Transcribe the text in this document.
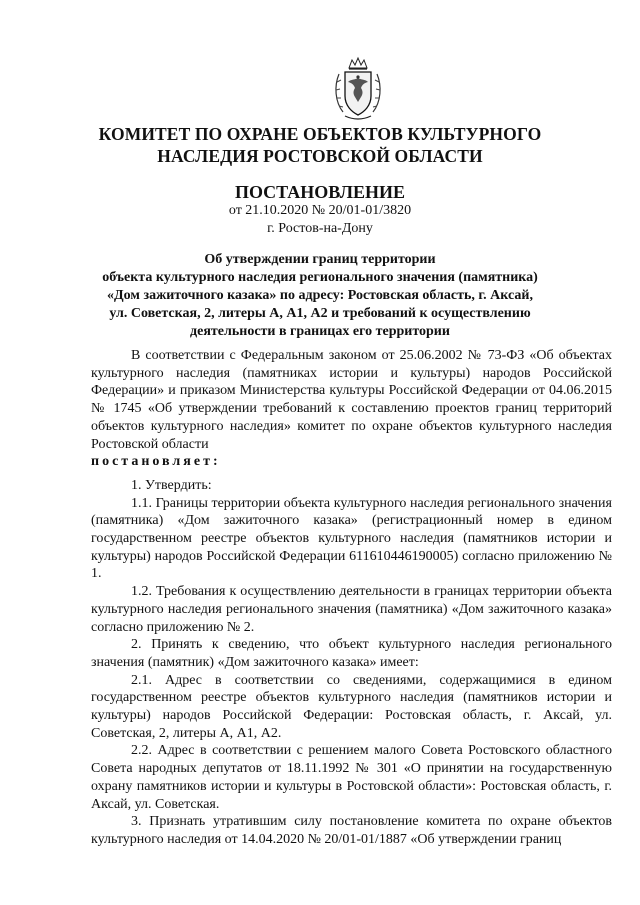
КОМИТЕТ ПО ОХРАНЕ ОБЪЕКТОВ КУЛЬТУРНОГО
НАСЛЕДИЯ РОСТОВСКОЙ ОБЛАСТИ
ПОСТАНОВЛЕНИЕ
от 21.10.2020 № 20/01-01/3820
г. Ростов-на-Дону
Об утверждении границ территории
объекта культурного наследия регионального значения (памятника)
«Дом зажиточного казака» по адресу: Ростовская область, г. Аксай,
ул. Советская, 2, литеры А, А1, А2 и требований к осуществлению
деятельности в границах его территории

В соответствии с Федеральным законом от 25.06.2002 № 73-ФЗ «Об объектах культурного наследия (памятниках истории и культуры) народов Российской Федерации» и приказом Министерства культуры Российской Федерации от 04.06.2015 № 1745 «Об утверждении требований к составлению проектов границ территорий объектов культурного наследия» комитет по охране объектов культурного наследия Ростовской области

постановляет:

1. Утвердить:

1.1. Границы территории объекта культурного наследия регионального значения (памятника) «Дом зажиточного казака» (регистрационный номер в едином государственном реестре объектов культурного наследия (памятников истории и культуры) народов Российской Федерации 611610446190005) согласно приложению № 1.

1.2. Требования к осуществлению деятельности в границах территории объекта культурного наследия регионального значения (памятника) «Дом зажиточного казака» согласно приложению № 2.

2. Принять к сведению, что объект культурного наследия регионального значения (памятник) «Дом зажиточного казака» имеет:

2.1. Адрес в соответствии со сведениями, содержащимися в едином государственном реестре объектов культурного наследия (памятников истории и культуры) народов Российской Федерации: Ростовская область, г. Аксай, ул. Советская, 2, литеры А, А1, А2.

2.2. Адрес в соответствии с решением малого Совета Ростовского областного Совета народных депутатов от 18.11.1992 № 301 «О принятии на государственную охрану памятников истории и культуры в Ростовской области»: Ростовская область, г. Аксай, ул. Советская.

3. Признать утратившим силу постановление комитета по охране объектов культурного наследия от 14.04.2020 № 20/01-01/1887 «Об утверждении границ
